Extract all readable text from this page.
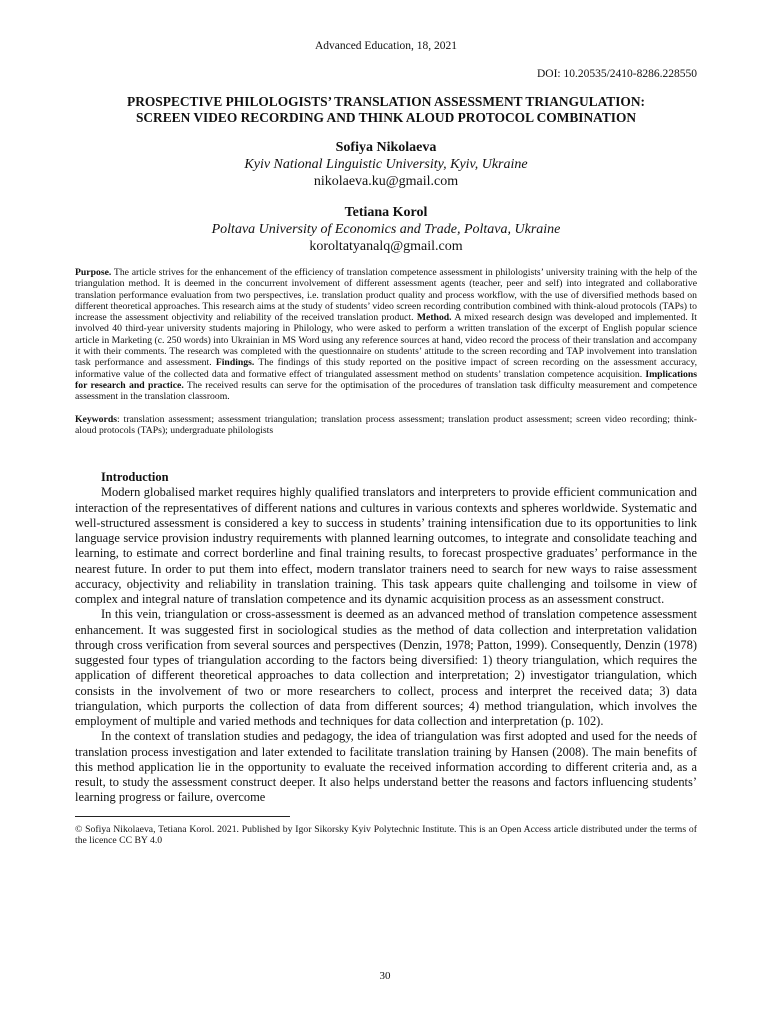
Advanced Education, 18, 2021
DOI: 10.20535/2410-8286.228550
PROSPECTIVE PHILOLOGISTS’ TRANSLATION ASSESSMENT TRIANGULATION:
SCREEN VIDEO RECORDING AND THINK ALOUD PROTOCOL COMBINATION
Sofiya Nikolaeva
Kyiv National Linguistic University, Kyiv, Ukraine
nikolaeva.ku@gmail.com
Tetiana Korol
Poltava University of Economics and Trade, Poltava, Ukraine
koroltatyanalq@gmail.com
Purpose. The article strives for the enhancement of the efficiency of translation competence assessment in philologists’ university training with the help of the triangulation method. It is deemed in the concurrent involvement of different assessment agents (teacher, peer and self) into integrated and collaborative translation performance evaluation from two perspectives, i.e. translation product quality and process workflow, with the use of diversified methods based on different theoretical approaches. This research aims at the study of students’ video screen recording contribution combined with think-aloud protocols (TAPs) to increase the assessment objectivity and reliability of the received translation product. Method. A mixed research design was developed and implemented. It involved 40 third-year university students majoring in Philology, who were asked to perform a written translation of the excerpt of English popular science article in Marketing (c. 250 words) into Ukrainian in MS Word using any reference sources at hand, video record the process of their translation and accompany it with their comments. The research was completed with the questionnaire on students’ attitude to the screen recording and TAP involvement into translation task performance and assessment. Findings. The findings of this study reported on the positive impact of screen recording on the assessment accuracy, informative value of the collected data and formative effect of triangulated assessment method on students’ translation competence acquisition. Implications for research and practice. The received results can serve for the optimisation of the procedures of translation task difficulty measurement and competence assessment in the translation classroom.
Keywords: translation assessment; assessment triangulation; translation process assessment; translation product assessment; screen video recording; think-aloud protocols (TAPs); undergraduate philologists
Introduction

Modern globalised market requires highly qualified translators and interpreters to provide efficient communication and interaction of the representatives of different nations and cultures in various contexts and spheres worldwide. Systematic and well-structured assessment is considered a key to success in students’ training intensification due to its opportunities to link language service provision industry requirements with planned learning outcomes, to integrate and consolidate teaching and learning, to estimate and correct borderline and final training results, to forecast prospective graduates’ performance in the nearest future. In order to put them into effect, modern translator trainers need to search for new ways to raise assessment accuracy, objectivity and reliability in translation training. This task appears quite challenging and toilsome in view of complex and integral nature of translation competence and its dynamic acquisition process as an assessment construct.

In this vein, triangulation or cross-assessment is deemed as an advanced method of translation competence assessment enhancement. It was suggested first in sociological studies as the method of data collection and interpretation validation through cross verification from several sources and perspectives (Denzin, 1978; Patton, 1999). Consequently, Denzin (1978) suggested four types of triangulation according to the factors being diversified: 1) theory triangulation, which requires the application of different theoretical approaches to data collection and interpretation; 2) investigator triangulation, which consists in the involvement of two or more researchers to collect, process and interpret the received data; 3) data triangulation, which purports the collection of data from different sources; 4) method triangulation, which involves the employment of multiple and varied methods and techniques for data collection and interpretation (p. 102).

In the context of translation studies and pedagogy, the idea of triangulation was first adopted and used for the needs of translation process investigation and later extended to facilitate translation training by Hansen (2008). The main benefits of this method application lie in the opportunity to evaluate the received information according to different criteria and, as a result, to study the assessment construct deeper. It also helps understand better the reasons and factors influencing students’ learning progress or failure, overcome

© Sofiya Nikolaeva, Tetiana Korol. 2021. Published by Igor Sikorsky Kyiv Polytechnic Institute. This is an Open Access article distributed under the terms of the licence CC BY 4.0
30
